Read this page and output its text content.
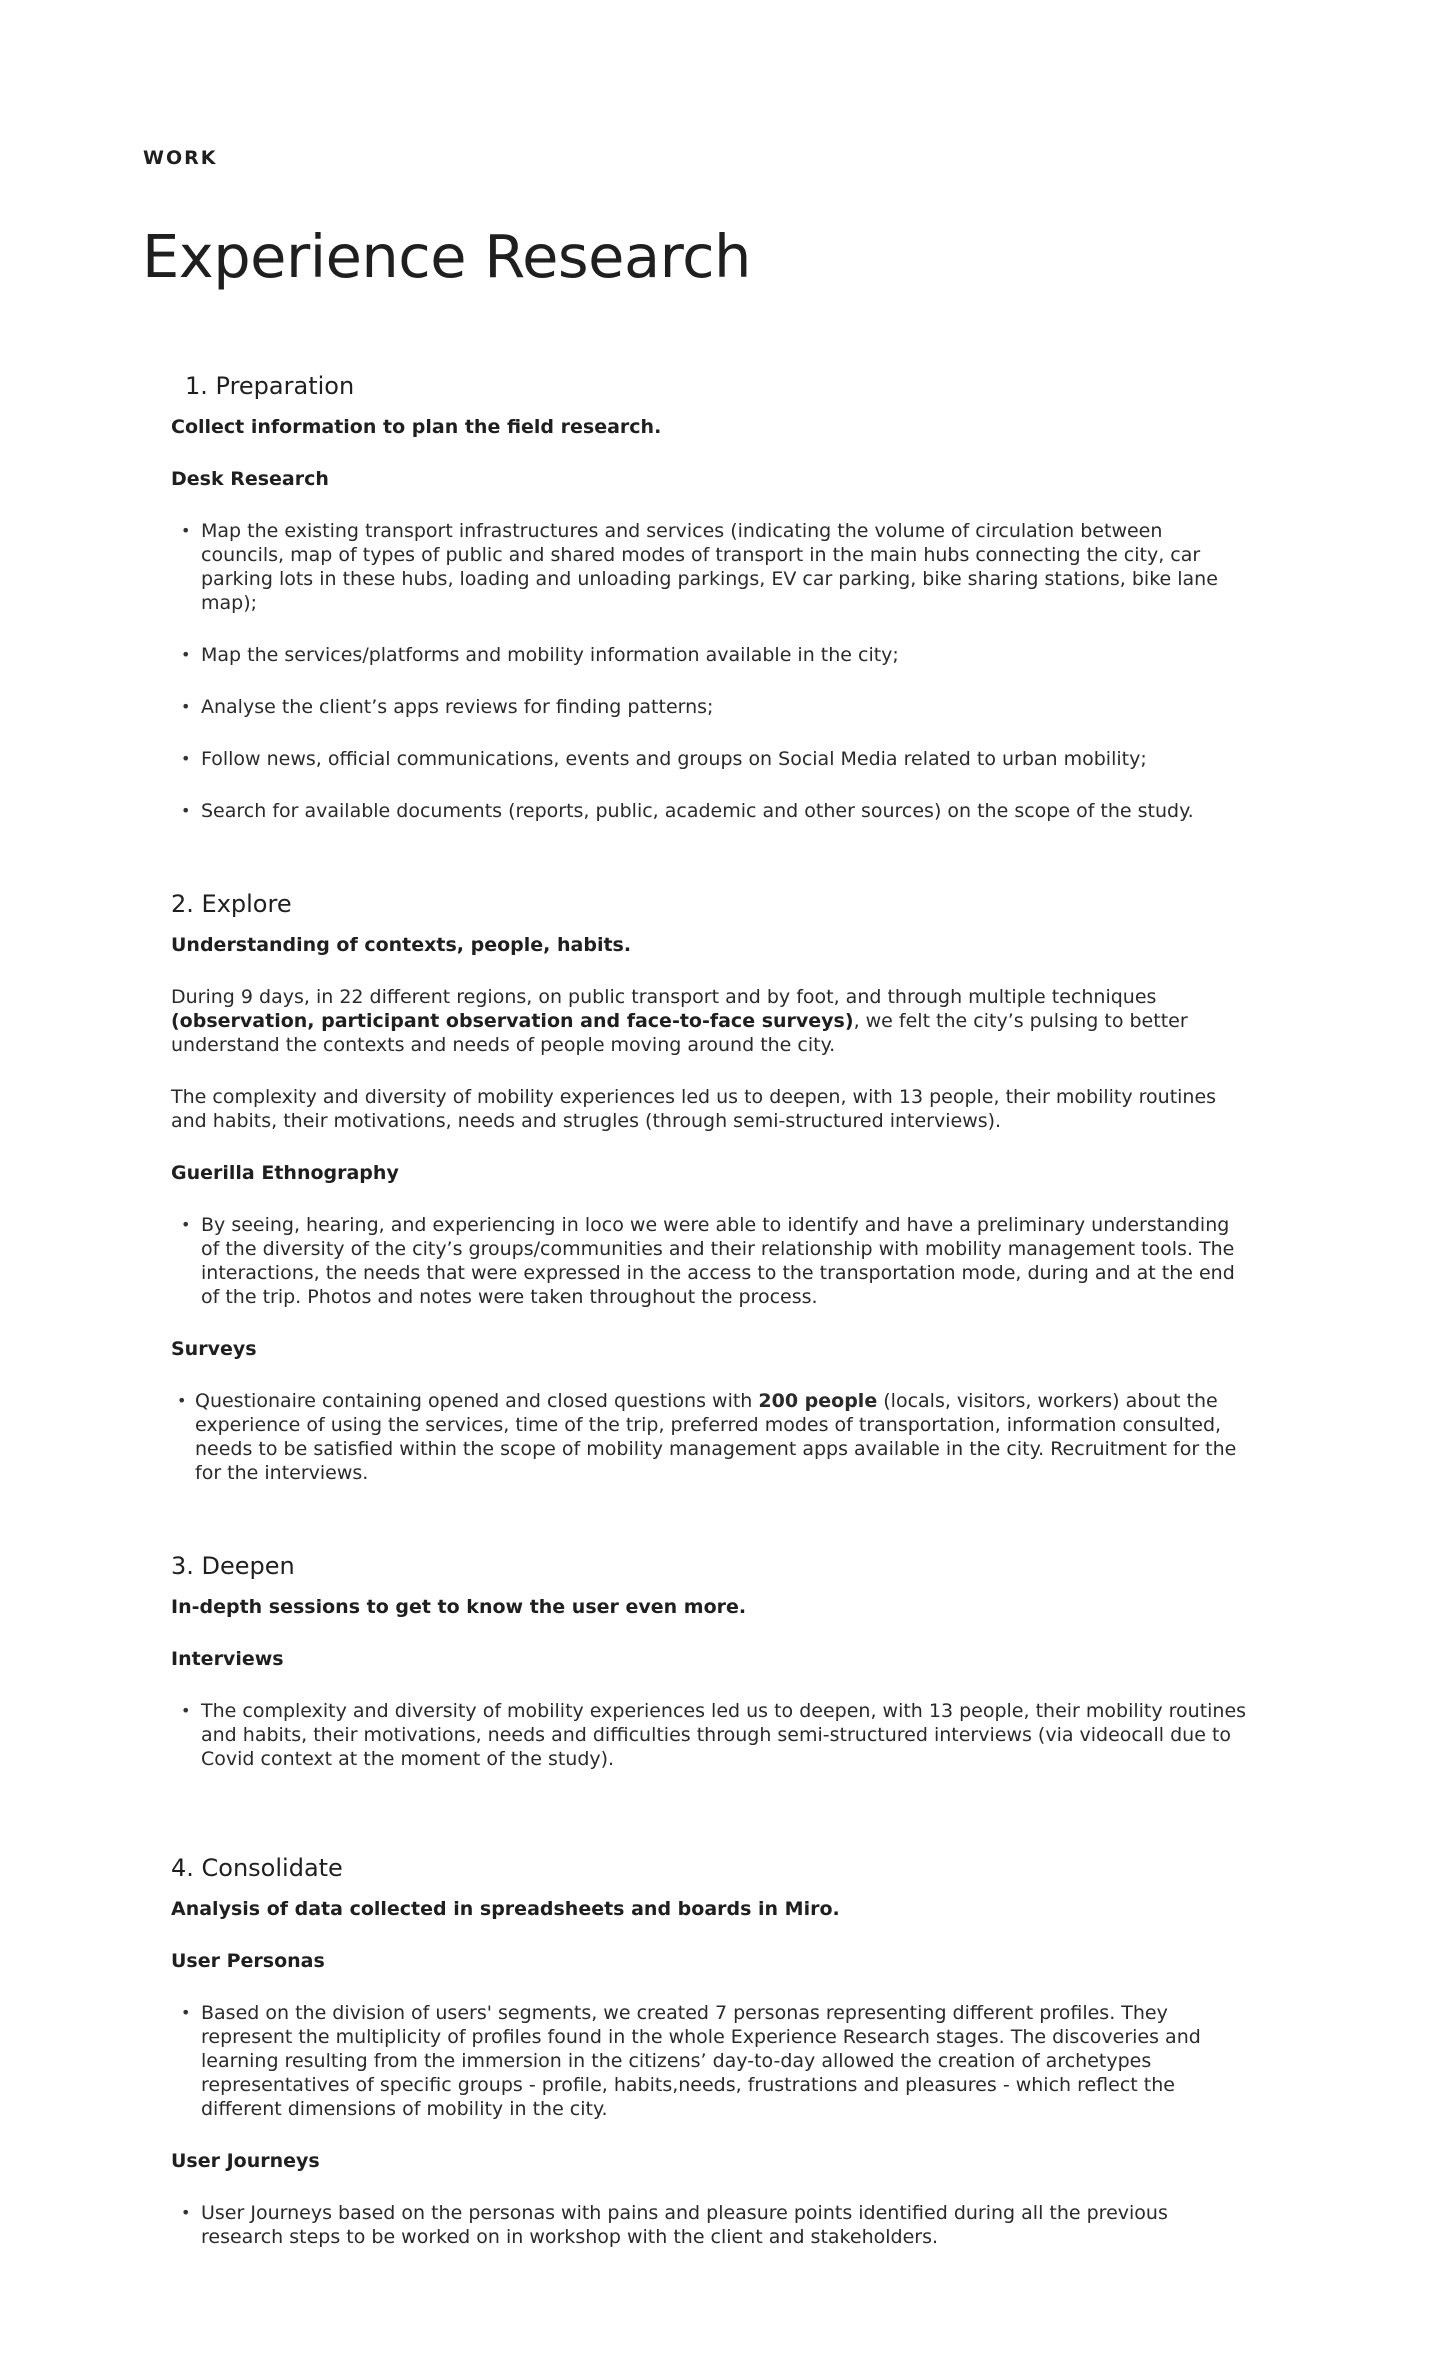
WORK
Experience Research
1. Preparation

Collect information to plan the field research.

Desk Research

• Map the existing transport infrastructures and services (indicating the volume of circulation between councils, map of types of public and shared modes of transport in the main hubs connecting the city, car parking lots in these hubs, loading and unloading parkings, EV car parking, bike sharing stations, bike lane map);
• Map the services/platforms and mobility information available in the city;
• Analyse the client’s apps reviews for finding patterns;
• Follow news, official communications, events and groups on Social Media related to urban mobility;
• Search for available documents (reports, public, academic and other sources) on the scope of the study.
2. Explore

Understanding of contexts, people, habits.

During 9 days, in 22 different regions, on public transport and by foot, and through multiple techniques (observation, participant observation and face-to-face surveys), we felt the city’s pulsing to better understand the contexts and needs of people moving around the city.

The complexity and diversity of mobility experiences led us to deepen, with 13 people, their mobility routines and habits, their motivations, needs and strugles (through semi-structured interviews).

Guerilla Ethnography

• By seeing, hearing, and experiencing in loco we were able to identify and have a preliminary understanding of the diversity of the city’s groups/communities and their relationship with mobility management tools. The interactions, the needs that were expressed in the access to the transportation mode, during and at the end of the trip. Photos and notes were taken throughout the process.

Surveys

• Questionaire containing opened and closed questions with 200 people (locals, visitors, workers) about the experience of using the services, time of the trip, preferred modes of transportation, information consulted, needs to be satisfied within the scope of mobility management apps available in the city. Recruitment for the for the interviews.
3. Deepen

In-depth sessions to get to know the user even more.

Interviews

• The complexity and diversity of mobility experiences led us to deepen, with 13 people, their mobility routines and habits, their motivations, needs and difficulties through semi-structured interviews (via videocall due to Covid context at the moment of the study).
4. Consolidate

Analysis of data collected in spreadsheets and boards in Miro.

User Personas

• Based on the division of users' segments, we created 7 personas representing different profiles. They represent the multiplicity of profiles found in the whole Experience Research stages. The discoveries and learning resulting from the immersion in the citizens’ day-to-day allowed the creation of archetypes representatives of specific groups - profile, habits,needs, frustrations and pleasures - which reflect the different dimensions of mobility in the city.

User Journeys

• User Journeys based on the personas with pains and pleasure points identified during all the previous research steps to be worked on in workshop with the client and stakeholders.
